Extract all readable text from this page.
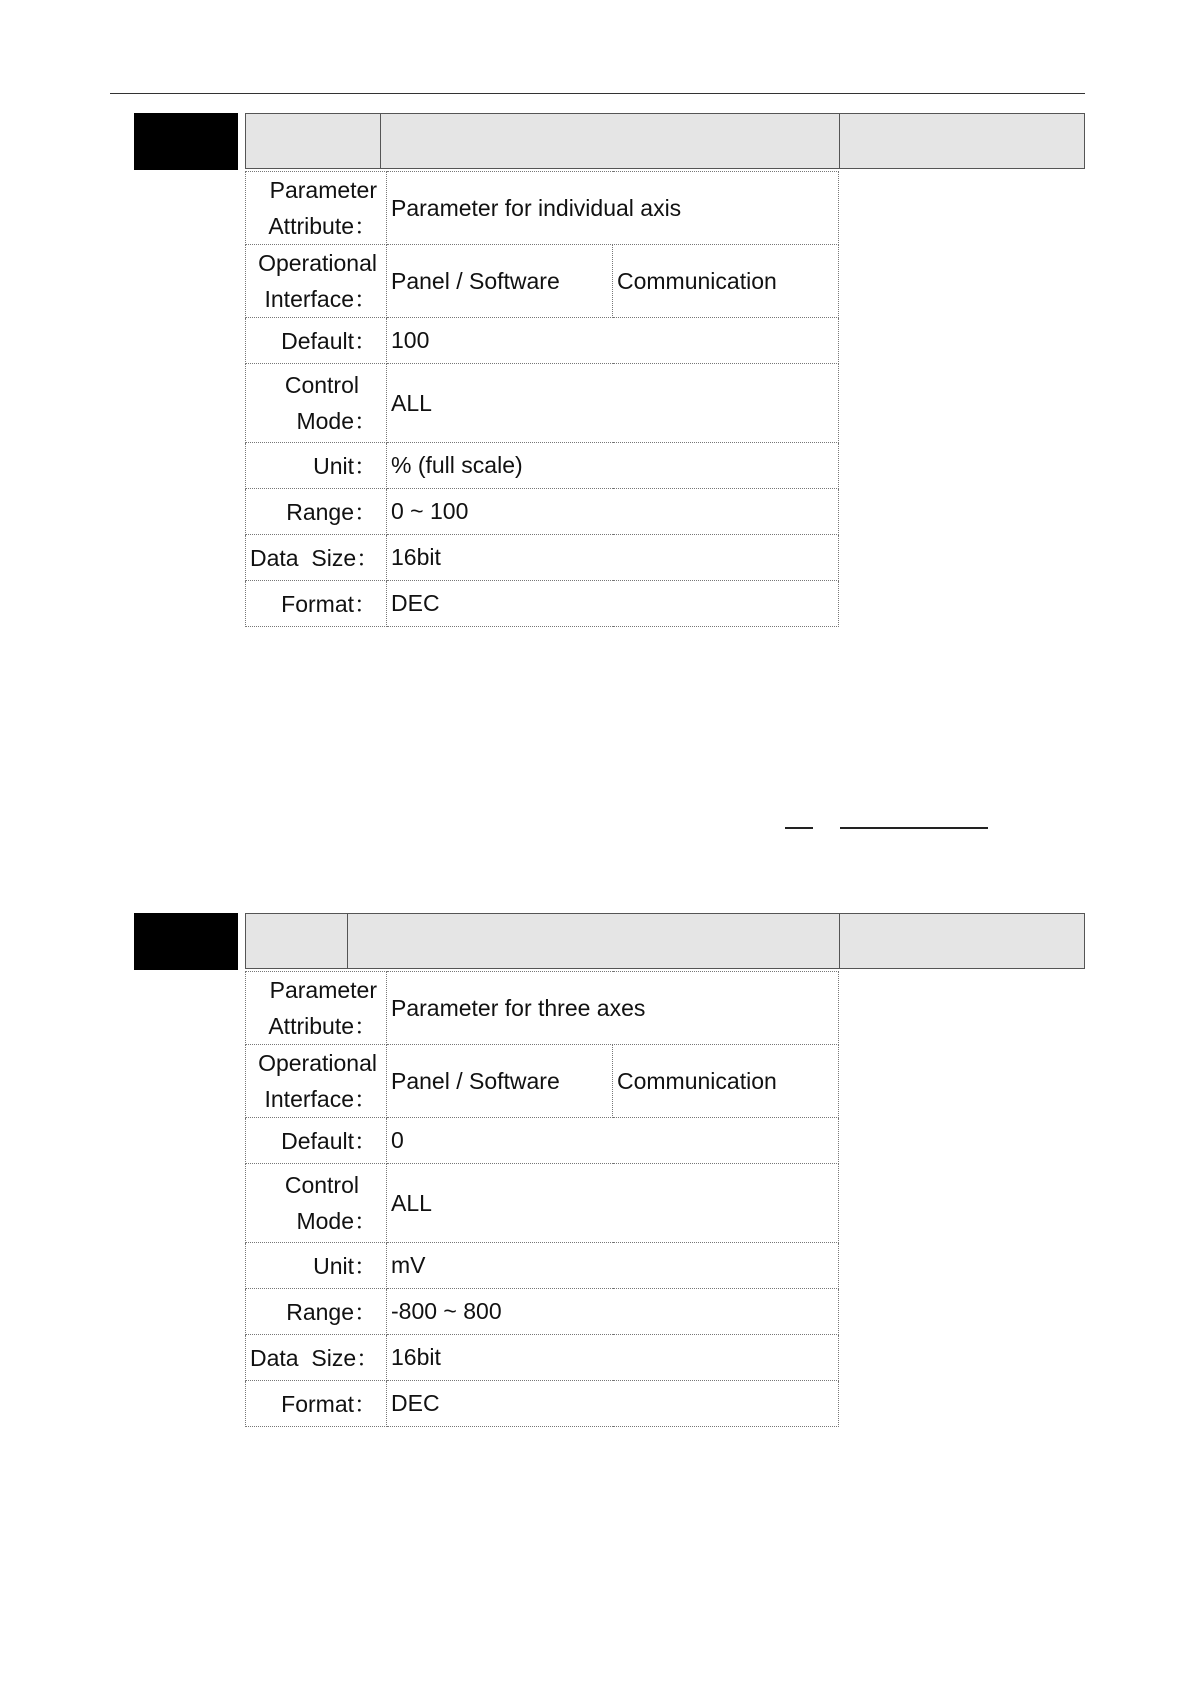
Parameter
Attribute：	Parameter for individual axis	

Operational
Interface：	Panel / Software	Communication
Default：	100	

Control
Mode：	ALL	
Unit：	% (full scale)	
Range：	0 ~ 100	
Data  Size：	16bit	
Format：	DEC	
Parameter
Attribute：	Parameter for three axes	

Operational
Interface：	Panel / Software	Communication
Default：	0	

Control
Mode：	ALL	
Unit：	mV	
Range：	-800 ~ 800	
Data  Size：	16bit	
Format：	DEC	
